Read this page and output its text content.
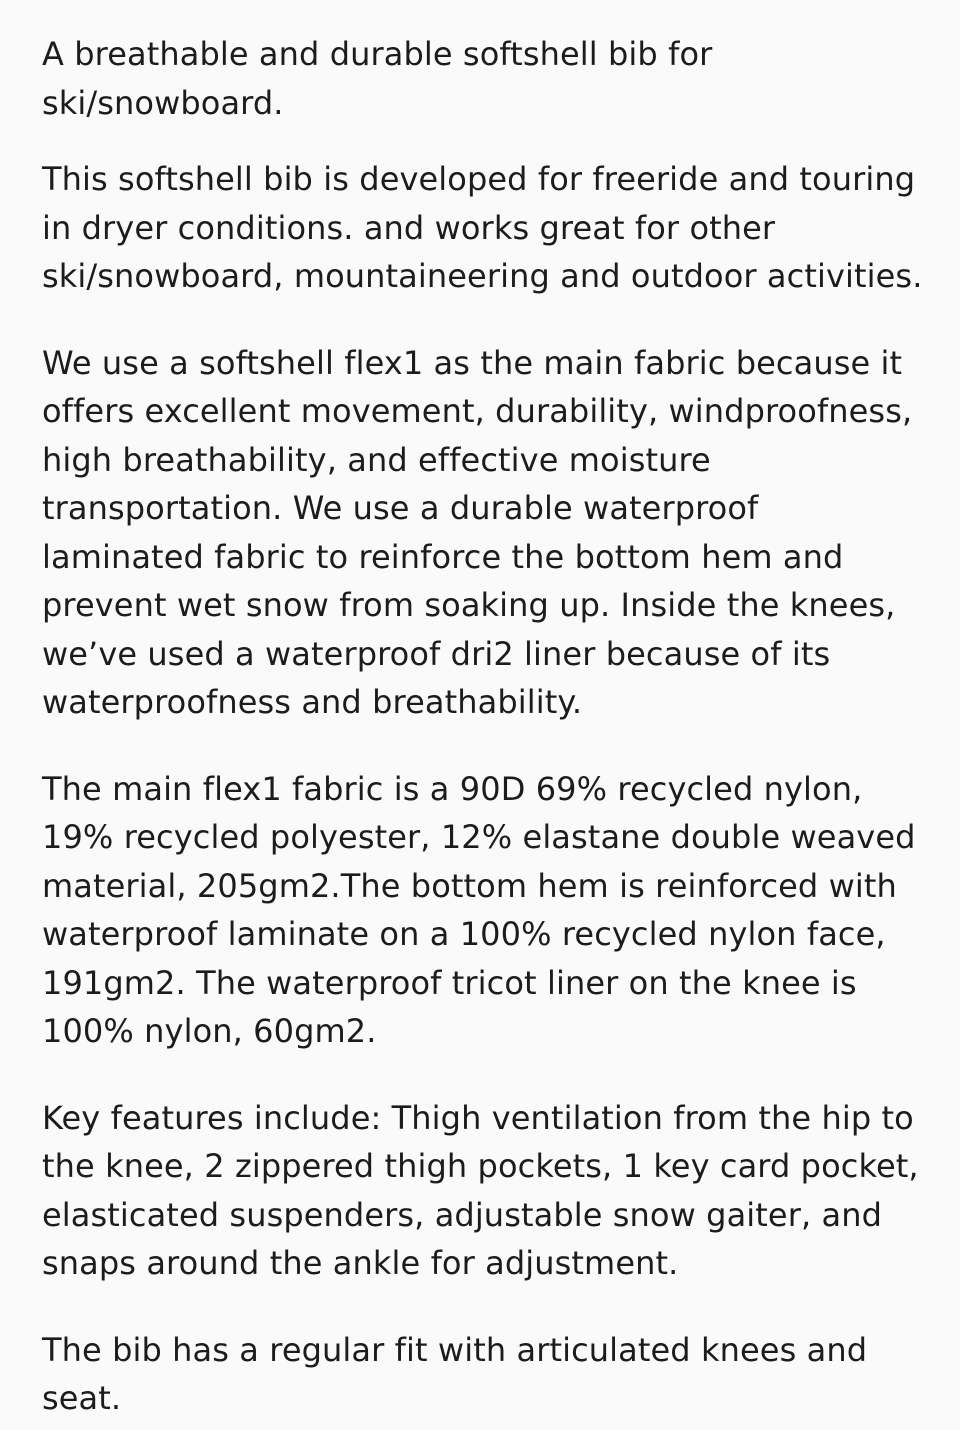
A breathable and durable softshell bib for
ski/snowboard.

This softshell bib is developed for freeride and touring
in dryer conditions. and works great for other
ski/snowboard, mountaineering and outdoor activities.

We use a softshell flex1 as the main fabric because it
offers excellent movement, durability, windproofness,
high breathability, and effective moisture
transportation. We use a durable waterproof
laminated fabric to reinforce the bottom hem and
prevent wet snow from soaking up. Inside the knees,
we’ve used a waterproof dri2 liner because of its
waterproofness and breathability.

The main flex1 fabric is a 90D 69% recycled nylon,
19% recycled polyester, 12% elastane double weaved
material, 205gm2.The bottom hem is reinforced with
waterproof laminate on a 100% recycled nylon face,
191gm2. The waterproof tricot liner on the knee is
100% nylon, 60gm2.

Key features include: Thigh ventilation from the hip to
the knee, 2 zippered thigh pockets, 1 key card pocket,
elasticated suspenders, adjustable snow gaiter, and
snaps around the ankle for adjustment.

The bib has a regular fit with articulated knees and
seat.
